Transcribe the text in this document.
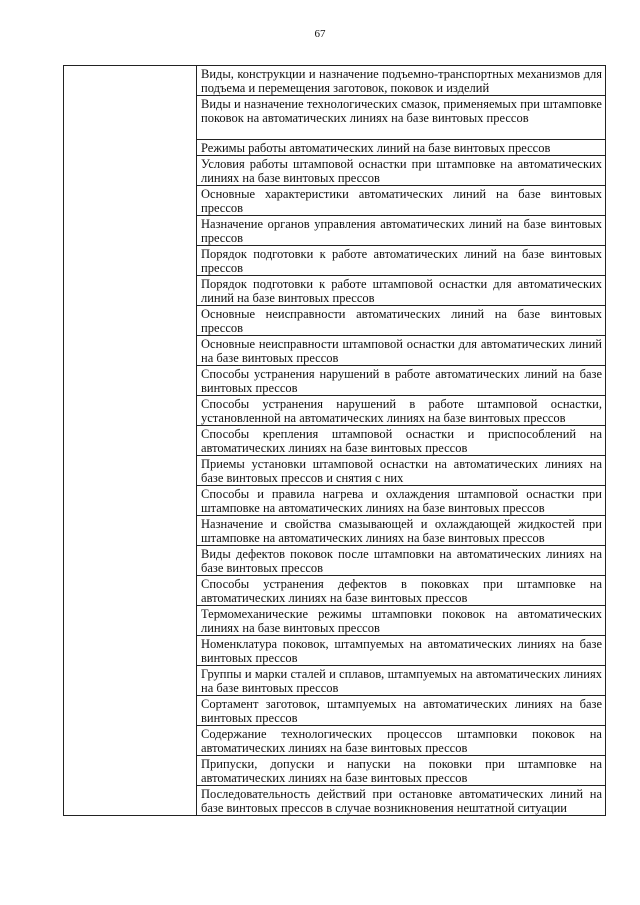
67
	Виды, конструкции и назначение подъемно-транспортных механизмов для подъема и перемещения заготовок, поковок и изделий
Виды и назначение технологических смазок, применяемых при штамповке поковок на автоматических линиях на базе винтовых прессов
Режимы работы автоматических линий на базе винтовых прессов
Условия работы штамповой оснастки при штамповке на автоматических линиях на базе винтовых прессов
Основные характеристики автоматических линий на базе винтовых прессов
Назначение органов управления автоматических линий на базе винтовых прессов
Порядок подготовки к работе автоматических линий на базе винтовых прессов
Порядок подготовки к работе штамповой оснастки для автоматических линий на базе винтовых прессов
Основные неисправности автоматических линий на базе винтовых прессов
Основные неисправности штамповой оснастки для автоматических линий на базе винтовых прессов
Способы устранения нарушений в работе автоматических линий на базе винтовых прессов
Способы устранения нарушений в работе штамповой оснастки, установленной на автоматических линиях на базе винтовых прессов
Способы крепления штамповой оснастки и приспособлений на автоматических линиях на базе винтовых прессов
Приемы установки штамповой оснастки на автоматических линиях на базе винтовых прессов и снятия с них
Способы и правила нагрева и охлаждения штамповой оснастки при штамповке на автоматических линиях на базе винтовых прессов
Назначение и свойства смазывающей и охлаждающей жидкостей при штамповке на автоматических линиях на базе винтовых прессов
Виды дефектов поковок после штамповки на автоматических линиях на базе винтовых прессов
Способы устранения дефектов в поковках при штамповке на автоматических линиях на базе винтовых прессов
Термомеханические режимы штамповки поковок на автоматических линиях на базе винтовых прессов
Номенклатура поковок, штампуемых на автоматических линиях на базе винтовых прессов
Группы и марки сталей и сплавов, штампуемых на автоматических линиях на базе винтовых прессов
Сортамент заготовок, штампуемых на автоматических линиях на базе винтовых прессов
Содержание технологических процессов штамповки поковок на автоматических линиях на базе винтовых прессов
Припуски, допуски и напуски на поковки при штамповке на автоматических линиях на базе винтовых прессов
Последовательность действий при остановке автоматических линий на базе винтовых прессов в случае возникновения нештатной ситуации
